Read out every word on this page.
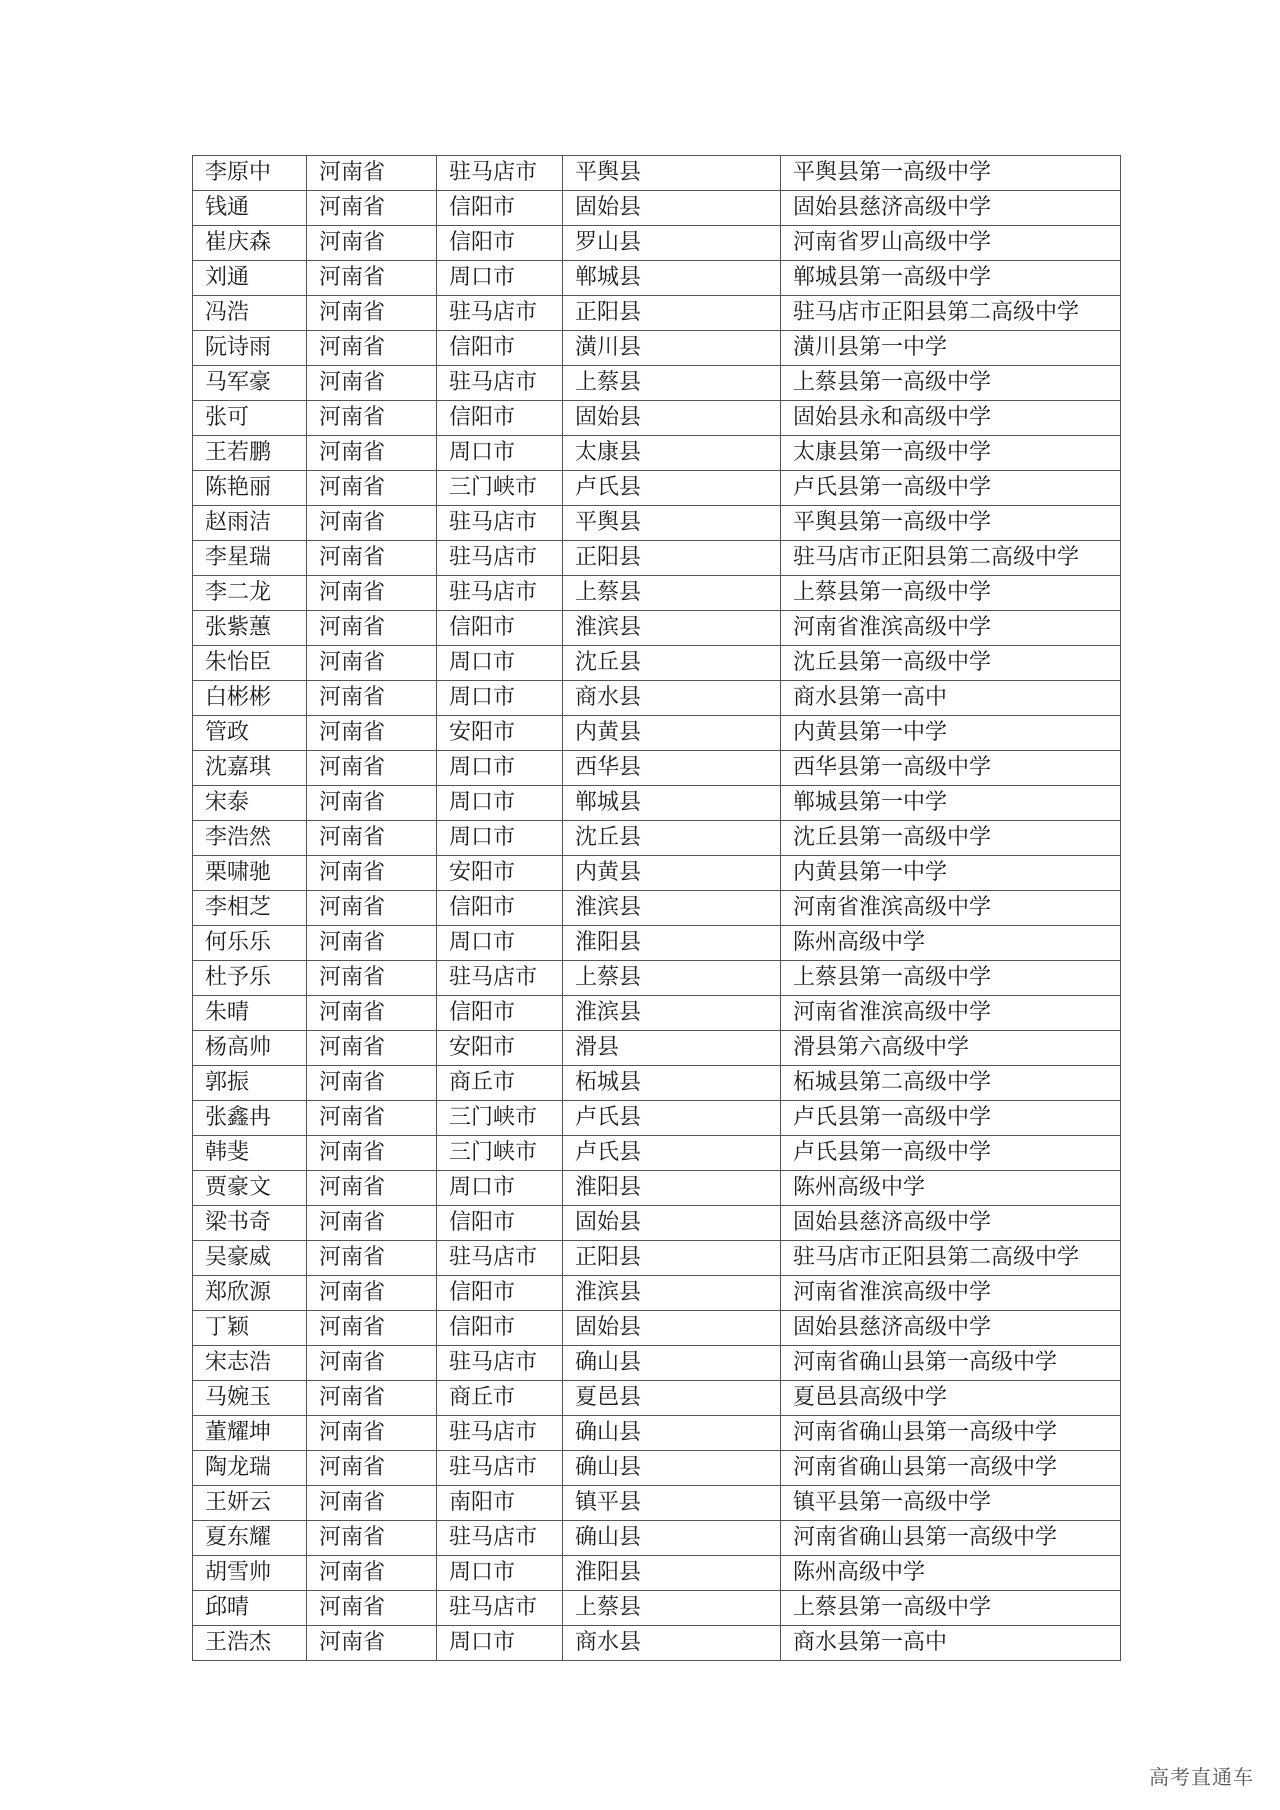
李原中	河南省	驻马店市	平舆县	平舆县第一高级中学
钱通	河南省	信阳市	固始县	固始县慈济高级中学
崔庆森	河南省	信阳市	罗山县	河南省罗山高级中学
刘通	河南省	周口市	郸城县	郸城县第一高级中学
冯浩	河南省	驻马店市	正阳县	驻马店市正阳县第二高级中学
阮诗雨	河南省	信阳市	潢川县	潢川县第一中学
马军豪	河南省	驻马店市	上蔡县	上蔡县第一高级中学
张可	河南省	信阳市	固始县	固始县永和高级中学
王若鹏	河南省	周口市	太康县	太康县第一高级中学
陈艳丽	河南省	三门峡市	卢氏县	卢氏县第一高级中学
赵雨洁	河南省	驻马店市	平舆县	平舆县第一高级中学
李星瑞	河南省	驻马店市	正阳县	驻马店市正阳县第二高级中学
李二龙	河南省	驻马店市	上蔡县	上蔡县第一高级中学
张紫蕙	河南省	信阳市	淮滨县	河南省淮滨高级中学
朱怡臣	河南省	周口市	沈丘县	沈丘县第一高级中学
白彬彬	河南省	周口市	商水县	商水县第一高中
管政	河南省	安阳市	内黄县	内黄县第一中学
沈嘉琪	河南省	周口市	西华县	西华县第一高级中学
宋泰	河南省	周口市	郸城县	郸城县第一中学
李浩然	河南省	周口市	沈丘县	沈丘县第一高级中学
栗啸驰	河南省	安阳市	内黄县	内黄县第一中学
李相芝	河南省	信阳市	淮滨县	河南省淮滨高级中学
何乐乐	河南省	周口市	淮阳县	陈州高级中学
杜予乐	河南省	驻马店市	上蔡县	上蔡县第一高级中学
朱晴	河南省	信阳市	淮滨县	河南省淮滨高级中学
杨高帅	河南省	安阳市	滑县	滑县第六高级中学
郭振	河南省	商丘市	柘城县	柘城县第二高级中学
张鑫冉	河南省	三门峡市	卢氏县	卢氏县第一高级中学
韩斐	河南省	三门峡市	卢氏县	卢氏县第一高级中学
贾豪文	河南省	周口市	淮阳县	陈州高级中学
梁书奇	河南省	信阳市	固始县	固始县慈济高级中学
吴豪威	河南省	驻马店市	正阳县	驻马店市正阳县第二高级中学
郑欣源	河南省	信阳市	淮滨县	河南省淮滨高级中学
丁颖	河南省	信阳市	固始县	固始县慈济高级中学
宋志浩	河南省	驻马店市	确山县	河南省确山县第一高级中学
马婉玉	河南省	商丘市	夏邑县	夏邑县高级中学
董耀坤	河南省	驻马店市	确山县	河南省确山县第一高级中学
陶龙瑞	河南省	驻马店市	确山县	河南省确山县第一高级中学
王妍云	河南省	南阳市	镇平县	镇平县第一高级中学
夏东耀	河南省	驻马店市	确山县	河南省确山县第一高级中学
胡雪帅	河南省	周口市	淮阳县	陈州高级中学
邱晴	河南省	驻马店市	上蔡县	上蔡县第一高级中学
王浩杰	河南省	周口市	商水县	商水县第一高中
高考直通车
